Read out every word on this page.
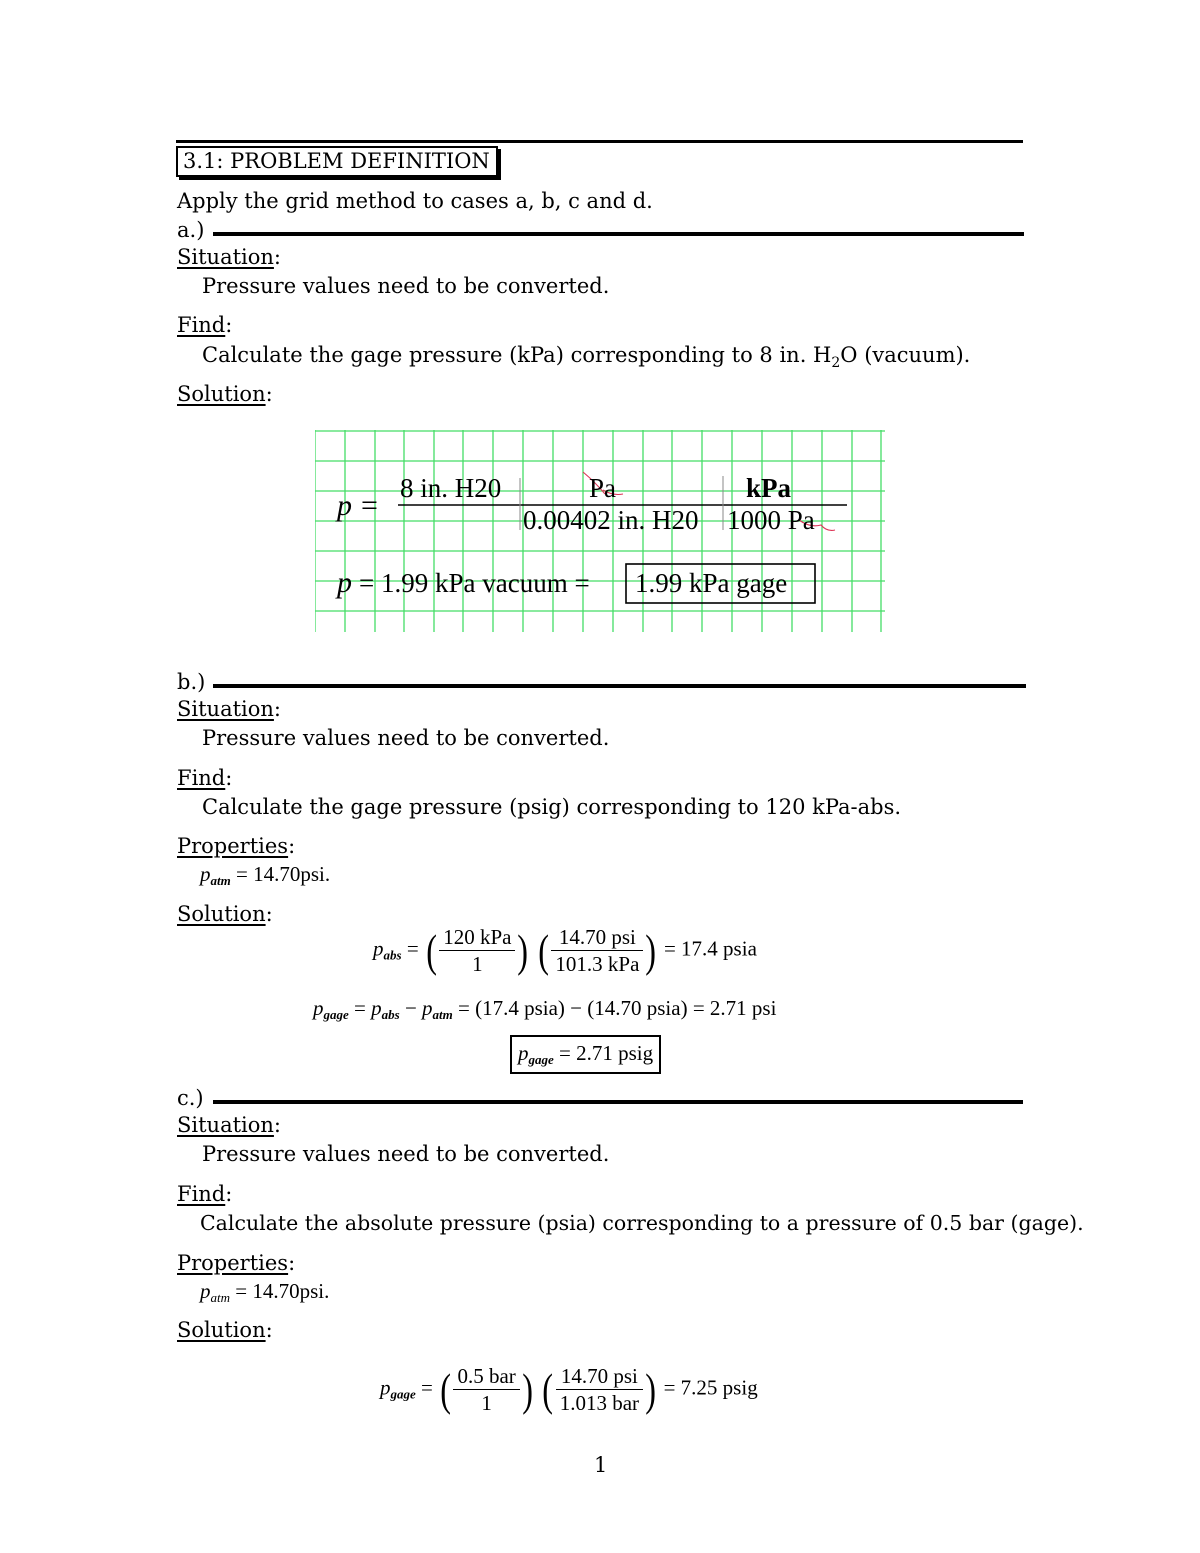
3.1: PROBLEM DEFINITION
Apply the grid method to cases a, b, c and d.
a.)
Situation:
Pressure values need to be converted.
Find:
Calculate the gage pressure (kPa) corresponding to 8 in. $H_2O$ (vacuum).
Solution:
p =
8 in. H20	Pa
0.00402 in. H20
kPa
1000 Pa
p = 1.99 kPa vacuum = 1.99 kPa gage
b.)
Situation:
Pressure values need to be converted.
Find:
Calculate the gage pressure (psig) corresponding to 120 kPa-abs.
Properties:
$p_{atm} = 14.70psi$.
Solution:
$p_{abs}$ = ( $\frac{\text{120 kPa}}{1}$ ) ( $\frac{\text{14.70 psi}}{\text{101.3 kPa}}$ ) = 17.4 psia
$p_{gage} = p_{abs} - p_{atm} = (17.4$ psia) − (14.70 psia) = 2.71 psi
$p_{gage} = 2.71$ psig
c.)
Situation:
Pressure values need to be converted.
Find:
Calculate the absolute pressure (psia) corresponding to a pressure of 0.5 bar (gage).
Properties:
$p_{atm} = 14.70psi$.
Solution:
$p_{gage}$ = ( $\frac{\text{0.5 bar}}{1}$ ) ( $\frac{\text{14.70 psi}}{\text{1.013 bar}}$ ) = 7.25 psig
1
